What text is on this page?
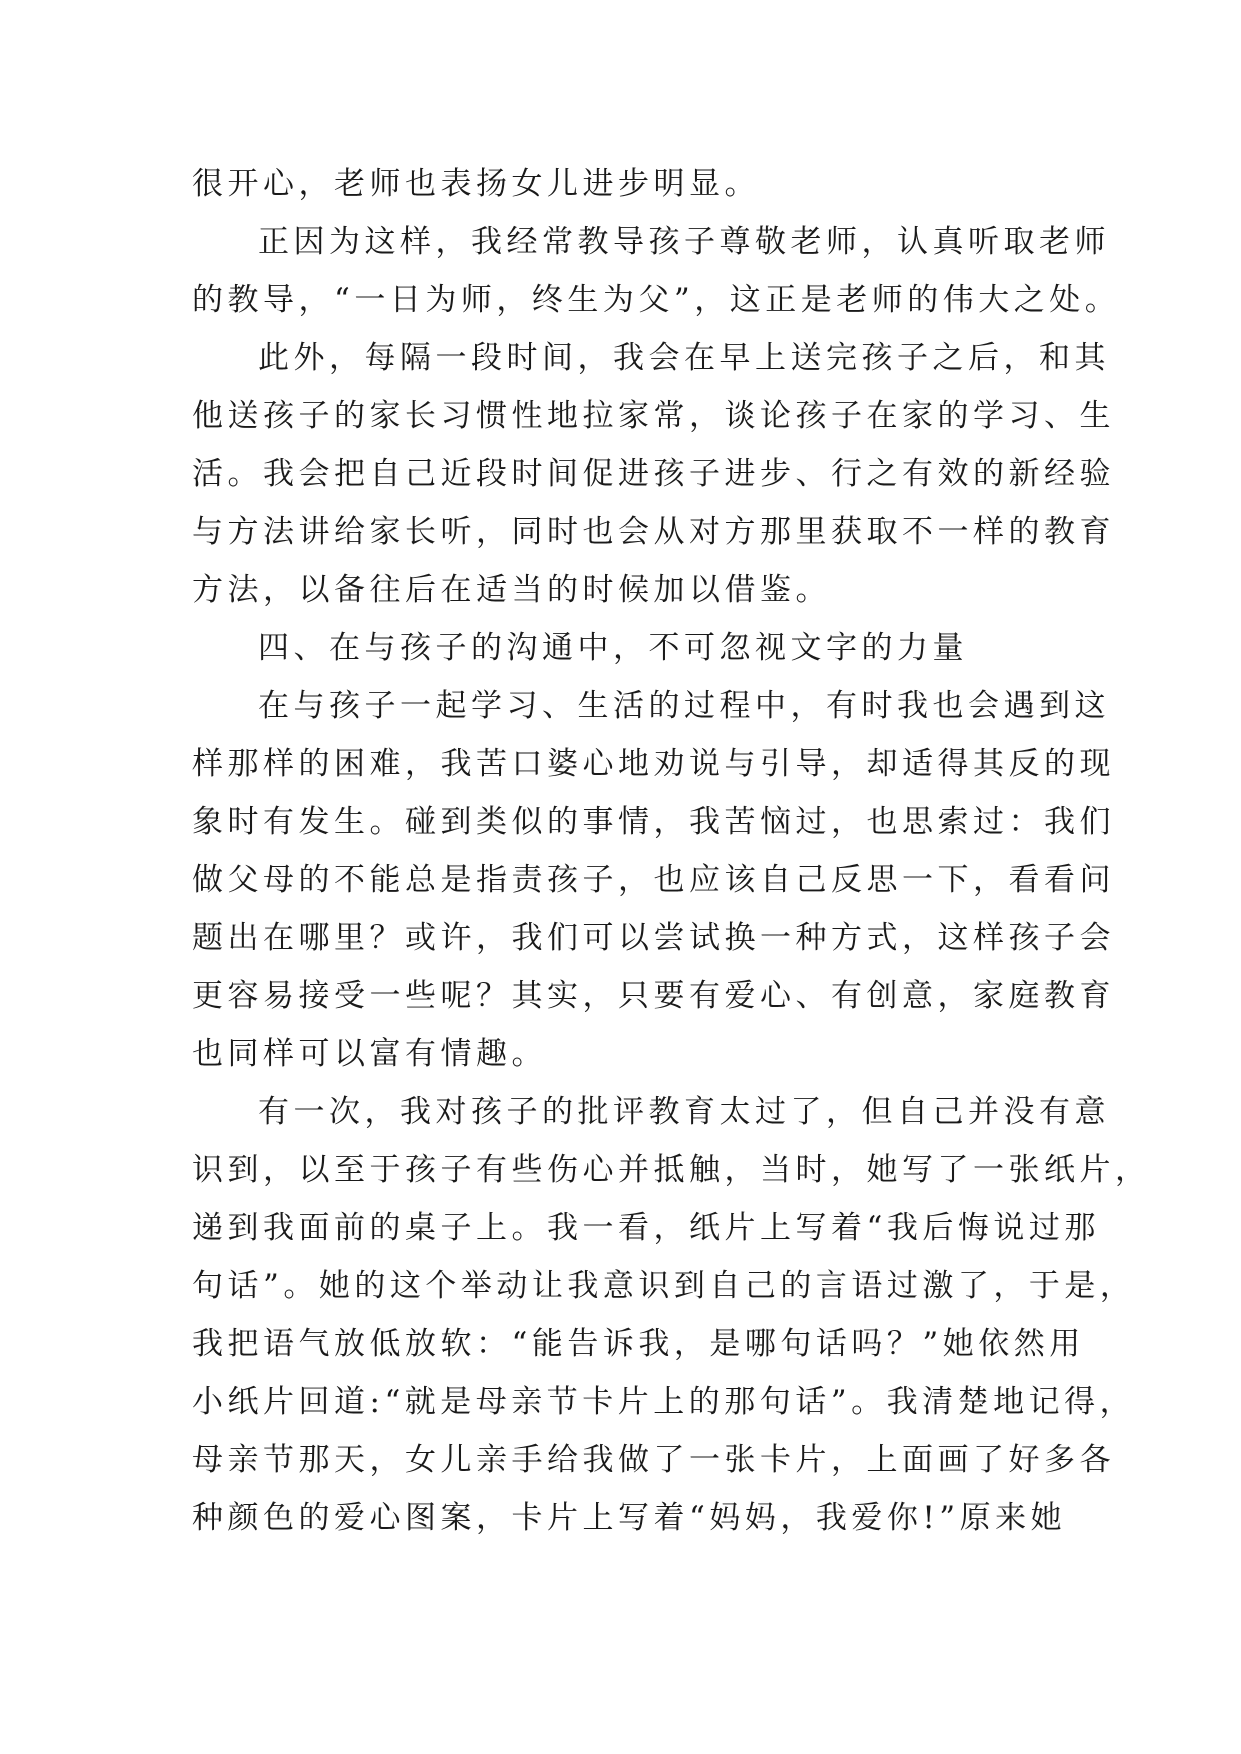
很开心，老师也表扬女儿进步明显。
正因为这样，我经常教导孩子尊敬老师，认真听取老师
的教导，“一日为师，终生为父”，这正是老师的伟大之处。
此外，每隔一段时间，我会在早上送完孩子之后，和其
他送孩子的家长习惯性地拉家常，谈论孩子在家的学习、生
活。我会把自己近段时间促进孩子进步、行之有效的新经验
与方法讲给家长听，同时也会从对方那里获取不一样的教育
方法，以备往后在适当的时候加以借鉴。
四、在与孩子的沟通中，不可忽视文字的力量
在与孩子一起学习、生活的过程中，有时我也会遇到这
样那样的困难，我苦口婆心地劝说与引导，却适得其反的现
象时有发生。碰到类似的事情，我苦恼过，也思索过：我们
做父母的不能总是指责孩子，也应该自己反思一下，看看问
题出在哪里？或许，我们可以尝试换一种方式，这样孩子会
更容易接受一些呢？其实，只要有爱心、有创意，家庭教育
也同样可以富有情趣。
有一次，我对孩子的批评教育太过了，但自己并没有意
识到，以至于孩子有些伤心并抵触，当时，她写了一张纸片，
递到我面前的桌子上。我一看，纸片上写着“我后悔说过那
句话”。她的这个举动让我意识到自己的言语过激了，于是，
我把语气放低放软：“能告诉我，是哪句话吗？”她依然用
小纸片回道:“就是母亲节卡片上的那句话”。我清楚地记得，
母亲节那天，女儿亲手给我做了一张卡片，上面画了好多各
种颜色的爱心图案，卡片上写着“妈妈，我爱你!”原来她
